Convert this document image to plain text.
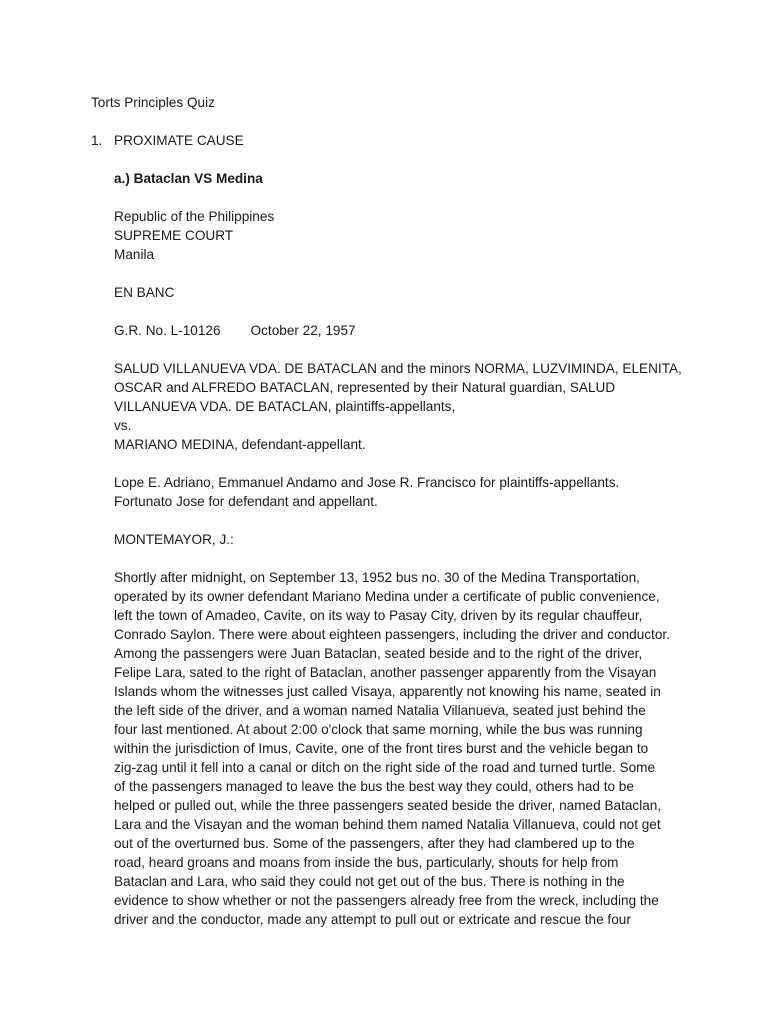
Torts Principles Quiz
1. PROXIMATE CAUSE
a.) Bataclan VS Medina
Republic of the Philippines
SUPREME COURT
Manila
EN BANC
G.R. No. L-10126 October 22, 1957
SALUD VILLANUEVA VDA. DE BATACLAN and the minors NORMA, LUZVIMINDA, ELENITA,
OSCAR and ALFREDO BATACLAN, represented by their Natural guardian, SALUD
VILLANUEVA VDA. DE BATACLAN, plaintiffs-appellants,
vs.
MARIANO MEDINA, defendant-appellant.
Lope E. Adriano, Emmanuel Andamo and Jose R. Francisco for plaintiffs-appellants.
Fortunato Jose for defendant and appellant.
MONTEMAYOR, J.:
Shortly after midnight, on September 13, 1952 bus no. 30 of the Medina Transportation,
operated by its owner defendant Mariano Medina under a certificate of public convenience,
left the town of Amadeo, Cavite, on its way to Pasay City, driven by its regular chauffeur,
Conrado Saylon. There were about eighteen passengers, including the driver and conductor.
Among the passengers were Juan Bataclan, seated beside and to the right of the driver,
Felipe Lara, sated to the right of Bataclan, another passenger apparently from the Visayan
Islands whom the witnesses just called Visaya, apparently not knowing his name, seated in
the left side of the driver, and a woman named Natalia Villanueva, seated just behind the
four last mentioned. At about 2:00 o'clock that same morning, while the bus was running
within the jurisdiction of Imus, Cavite, one of the front tires burst and the vehicle began to
zig-zag until it fell into a canal or ditch on the right side of the road and turned turtle. Some
of the passengers managed to leave the bus the best way they could, others had to be
helped or pulled out, while the three passengers seated beside the driver, named Bataclan,
Lara and the Visayan and the woman behind them named Natalia Villanueva, could not get
out of the overturned bus. Some of the passengers, after they had clambered up to the
road, heard groans and moans from inside the bus, particularly, shouts for help from
Bataclan and Lara, who said they could not get out of the bus. There is nothing in the
evidence to show whether or not the passengers already free from the wreck, including the
driver and the conductor, made any attempt to pull out or extricate and rescue the four
